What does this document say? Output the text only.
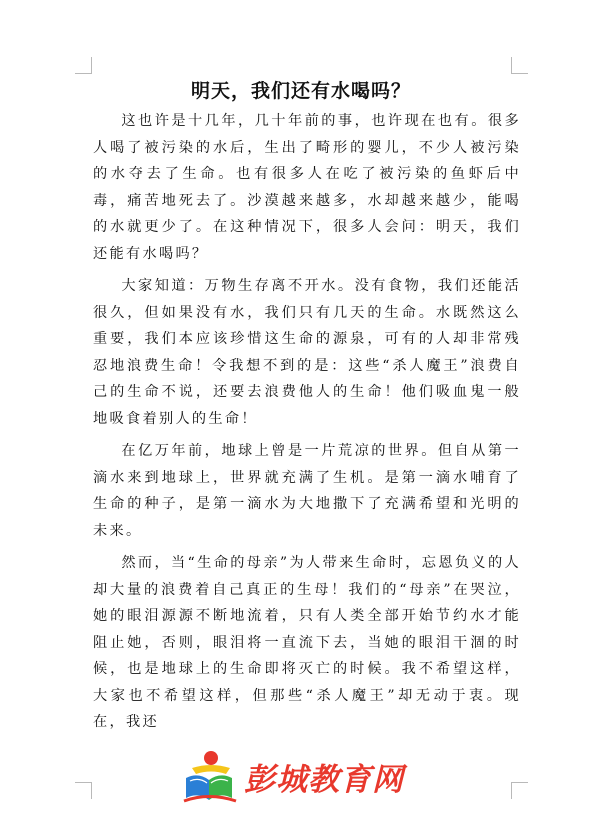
明天，我们还有水喝吗？

这也许是十几年，几十年前的事，也许现在也有。很多人喝了被污染的水后，生出了畸形的婴儿，不少人被污染的水夺去了生命。也有很多人在吃了被污染的鱼虾后中毒，痛苦地死去了。沙漠越来越多，水却越来越少，能喝的水就更少了。在这种情况下，很多人会问：明天，我们还能有水喝吗？

大家知道：万物生存离不开水。没有食物，我们还能活很久，但如果没有水，我们只有几天的生命。水既然这么重要，我们本应该珍惜这生命的源泉，可有的人却非常残忍地浪费生命！令我想不到的是：这些“杀人魔王”浪费自己的生命不说，还要去浪费他人的生命！他们吸血鬼一般地吸食着别人的生命！

在亿万年前，地球上曾是一片荒凉的世界。但自从第一滴水来到地球上，世界就充满了生机。是第一滴水哺育了生命的种子，是第一滴水为大地撒下了充满希望和光明的未来。

然而，当“生命的母亲”为人带来生命时，忘恩负义的人却大量的浪费着自己真正的生母！我们的“母亲”在哭泣，她的眼泪源源不断地流着，只有人类全部开始节约水才能阻止她，否则，眼泪将一直流下去，当她的眼泪干涸的时候，也是地球上的生命即将灭亡的时候。我不希望这样，大家也不希望这样，但那些“杀人魔王”却无动于衷。现在，我还

彭城教育网
